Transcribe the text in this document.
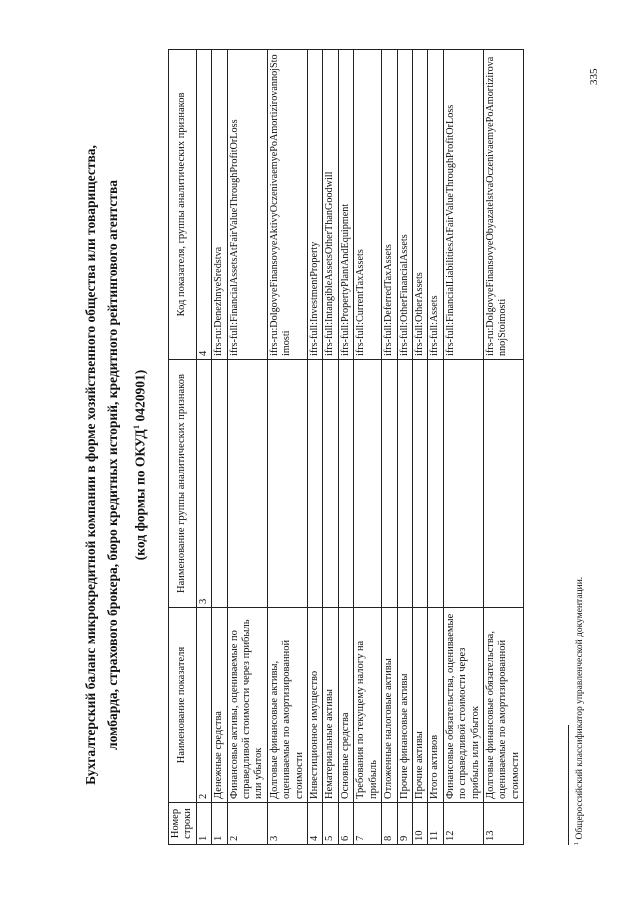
Бухгалтерский баланс микрокредитной компании в форме хозяйственного общества или товарищества, ломбарда, страхового брокера, бюро кредитных историй, кредитного рейтингового агентства (код формы по ОКУД$^1$ 0420901)
Номер строки	Наименование показателя	Наименование группы аналитических признаков	Код показателя, группы аналитических признаков
1	2	3	4
1	Денежные средства		ifrs-ru:DenezhnyeSredstva
2	Финансовые активы, оцениваемые по справедливой стоимости через прибыль или убыток		ifrs-full:FinancialAssetsAtFairValueThroughProfitOrLoss
3	Долговые финансовые активы, оцениваемые по амортизированной стоимости		ifrs-ru:DolgovyeFinansovyeAktivyOczenivaemyePoAmortizirovannojStoimosti
4	Инвестиционное имущество		ifrs-full:InvestmentProperty
5	Нематериальные активы		ifrs-full:IntangibleAssetsOtherThanGoodwill
6	Основные средства		ifrs-full:PropertyPlantAndEquipment
7	Требования по текущему налогу на прибыль		ifrs-full:CurrentTaxAssets
8	Отложенные налоговые активы		ifrs-full:DeferredTaxAssets
9	Прочие финансовые активы		ifrs-full:OtherFinancialAssets
10	Прочие активы		ifrs-full:OtherAssets
11	Итого активов		ifrs-full:Assets
12	Финансовые обязательства, оцениваемые по справедливой стоимости через прибыль или убыток		ifrs-full:FinancialLiabilitiesAtFairValueThroughProfitOrLoss
13	Долговые финансовые обязательства, оцениваемые по амортизированной стоимости		ifrs-ru:DolgovyeFinansovyeObyazatelstvaOczenivaemyePoAmortizirovannojStoimosti
$^1$ Общероссийский классификатор управленческой документации.
335
